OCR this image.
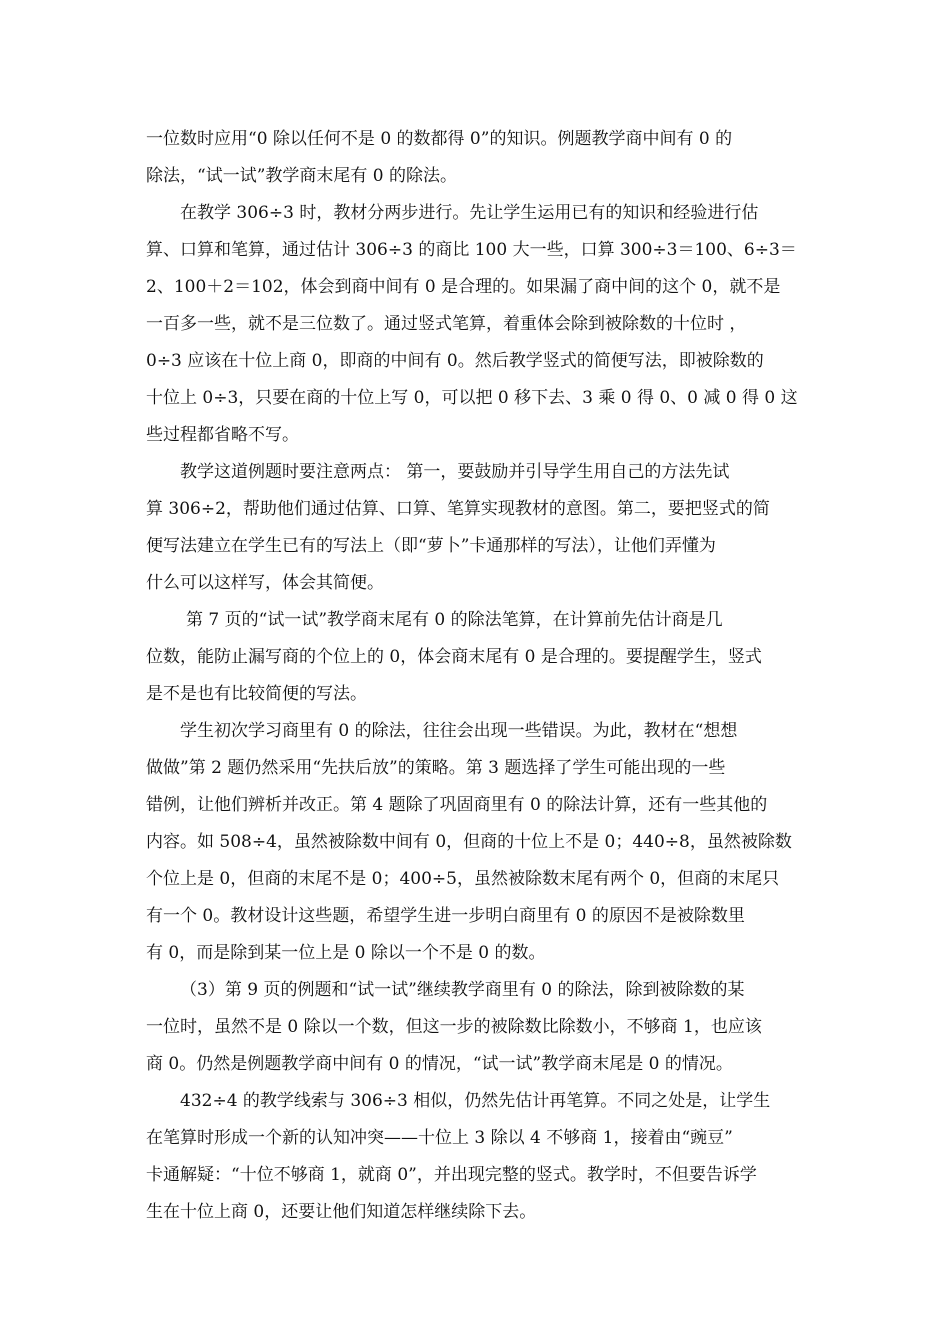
一位数时应用“0 除以任何不是 0 的数都得 0”的知识。例题教学商中间有 0 的
除法，“试一试”教学商末尾有 0 的除法。

在教学 306÷3 时，教材分两步进行。先让学生运用已有的知识和经验进行估
算、口算和笔算，通过估计 306÷3 的商比 100 大一些，口算 300÷3＝100、6÷3＝
2、100＋2＝102，体会到商中间有 0 是合理的。如果漏了商中间的这个 0，就不是
一百多一些，就不是三位数了。通过竖式笔算，着重体会除到被除数的十位时 ，
0÷3 应该在十位上商 0，即商的中间有 0。然后教学竖式的简便写法，即被除数的
十位上 0÷3，只要在商的十位上写 0，可以把 0 移下去、3 乘 0 得 0、0 减 0 得 0 这
些过程都省略不写。

教学这道例题时要注意两点： 第一，要鼓励并引导学生用自己的方法先试
算 306÷2，帮助他们通过估算、口算、笔算实现教材的意图。第二，要把竖式的简
便写法建立在学生已有的写法上（即“萝卜”卡通那样的写法），让他们弄懂为
什么可以这样写，体会其简便。

第 7 页的“试一试”教学商末尾有 0 的除法笔算，在计算前先估计商是几
位数，能防止漏写商的个位上的 0，体会商末尾有 0 是合理的。要提醒学生，竖式
是不是也有比较简便的写法。

学生初次学习商里有 0 的除法，往往会出现一些错误。为此，教材在“想想
做做”第 2 题仍然采用“先扶后放”的策略。第 3 题选择了学生可能出现的一些
错例，让他们辨析并改正。第 4 题除了巩固商里有 0 的除法计算，还有一些其他的
内容。如 508÷4，虽然被除数中间有 0，但商的十位上不是 0；440÷8，虽然被除数
个位上是 0，但商的末尾不是 0；400÷5，虽然被除数末尾有两个 0，但商的末尾只
有一个 0。教材设计这些题，希望学生进一步明白商里有 0 的原因不是被除数里
有 0，而是除到某一位上是 0 除以一个不是 0 的数。

（3）第 9 页的例题和“试一试”继续教学商里有 0 的除法，除到被除数的某
一位时，虽然不是 0 除以一个数，但这一步的被除数比除数小，不够商 1，也应该
商 0。仍然是例题教学商中间有 0 的情况，“试一试”教学商末尾是 0 的情况。

432÷4 的教学线索与 306÷3 相似，仍然先估计再笔算。不同之处是，让学生
在笔算时形成一个新的认知冲突——十位上 3 除以 4 不够商 1，接着由“豌豆”
卡通解疑：“十位不够商 1，就商 0”，并出现完整的竖式。教学时，不但要告诉学
生在十位上商 0，还要让他们知道怎样继续除下去。
